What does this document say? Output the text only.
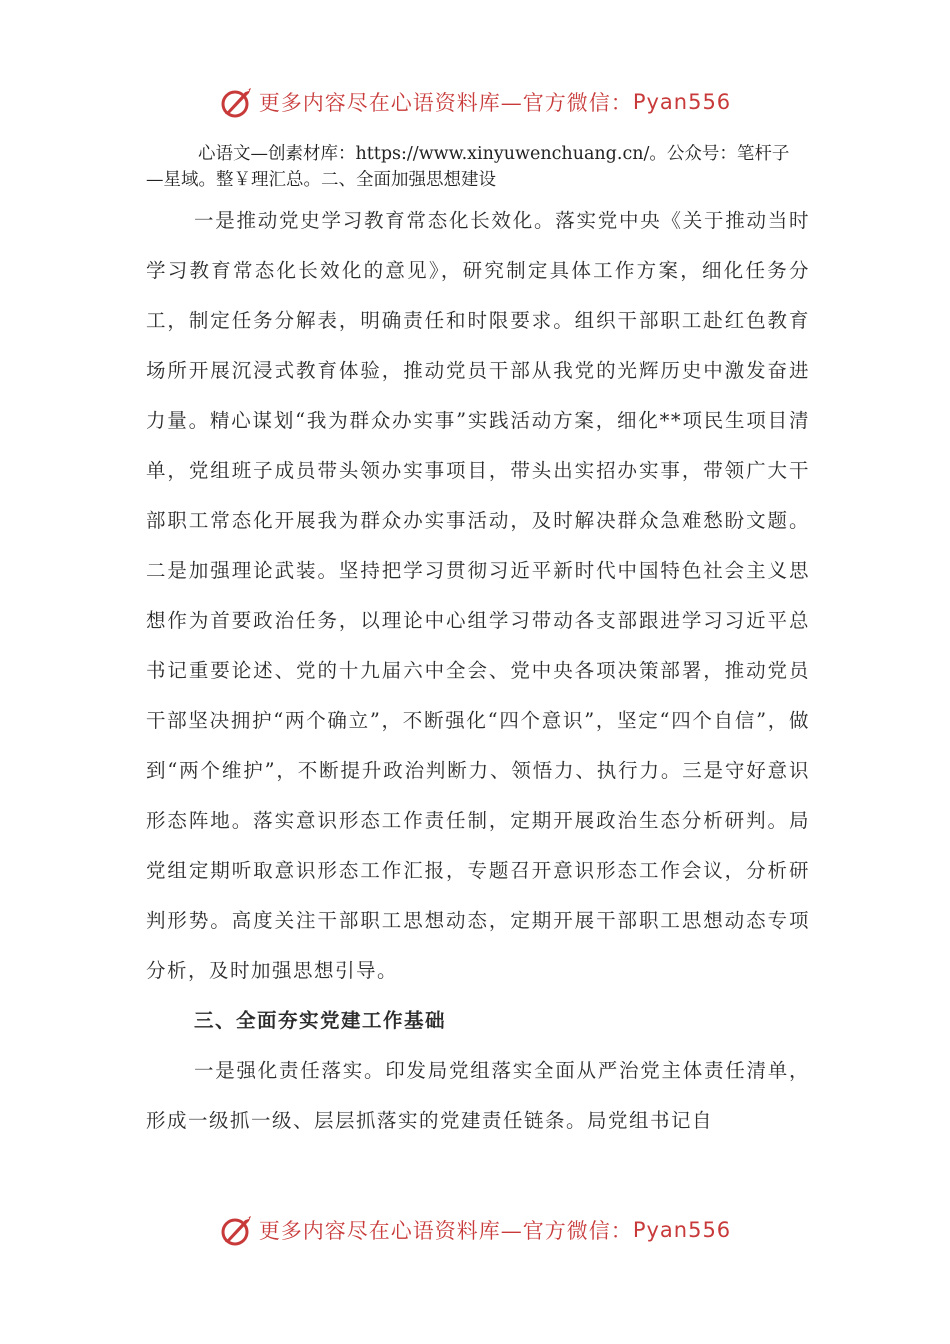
更多内容尽在心语资料库—官方微信： Pyan556
心语文—创素材库：https://www.xinyuwenchuang.cn/。公众号：笔杆子—星域。整￥理汇总。二、全面加强思想建设

一是推动党史学习教育常态化长效化。落实党中央《关于推动当时学习教育常态化长效化的意见》，研究制定具体工作方案，细化任务分工，制定任务分解表，明确责任和时限要求。组织干部职工赴红色教育场所开展沉浸式教育体验，推动党员干部从我党的光辉历史中激发奋进力量。精心谋划“我为群众办实事”实践活动方案，细化**项民生项目清单，党组班子成员带头领办实事项目，带头出实招办实事，带领广大干部职工常态化开展我为群众办实事活动，及时解决群众急难愁盼文题。二是加强理论武装。坚持把学习贯彻习近平新时代中国特色社会主义思想作为首要政治任务，以理论中心组学习带动各支部跟进学习习近平总书记重要论述、党的十九届六中全会、党中央各项决策部署，推动党员干部坚决拥护“两个确立”，不断强化“四个意识”，坚定“四个自信”，做到“两个维护”，不断提升政治判断力、领悟力、执行力。三是守好意识形态阵地。落实意识形态工作责任制，定期开展政治生态分析研判。局党组定期听取意识形态工作汇报，专题召开意识形态工作会议，分析研判形势。高度关注干部职工思想动态，定期开展干部职工思想动态专项分析，及时加强思想引导。

三、全面夯实党建工作基础

一是强化责任落实。印发局党组落实全面从严治党主体责任清单，形成一级抓一级、层层抓落实的党建责任链条。局党组书记自

更多内容尽在心语资料库—官方微信： Pyan556
